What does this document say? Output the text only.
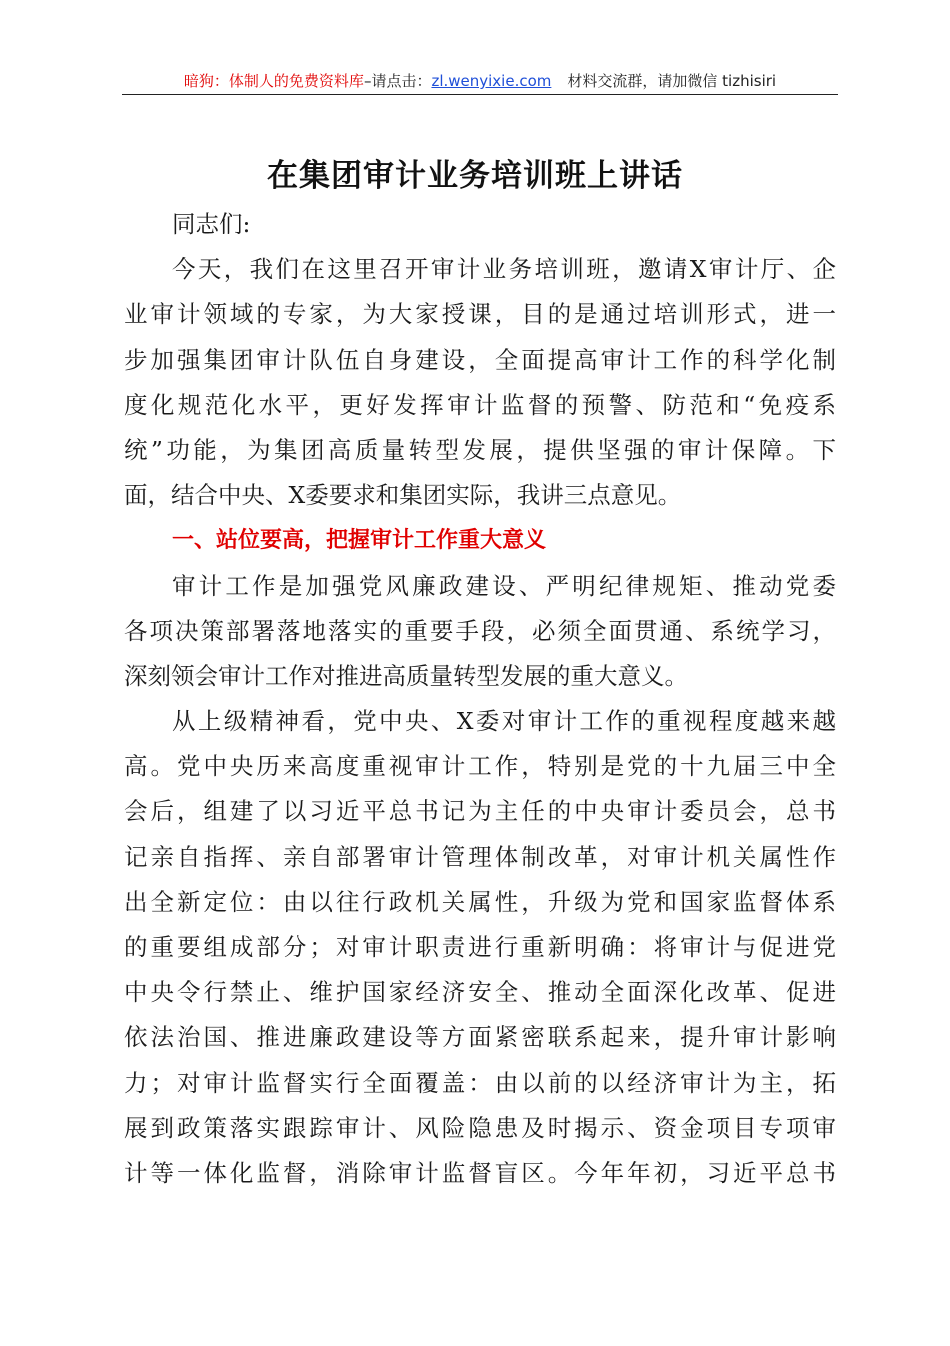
暗狗：体制人的免费资料库–请点击：zl.wenyixie.com 材料交流群，请加微信 tizhisiri
在集团审计业务培训班上讲话
同志们:
今天，我们在这里召开审计业务培训班，邀请X审计厅、企
业审计领域的专家，为大家授课，目的是通过培训形式，进一
步加强集团审计队伍自身建设，全面提高审计工作的科学化制
度化规范化水平，更好发挥审计监督的预警、防范和“免疫系
统”功能，为集团高质量转型发展，提供坚强的审计保障。下
面，结合中央、X委要求和集团实际，我讲三点意见。
一、站位要高，把握审计工作重大意义
审计工作是加强党风廉政建设、严明纪律规矩、推动党委
各项决策部署落地落实的重要手段，必须全面贯通、系统学习，
深刻领会审计工作对推进高质量转型发展的重大意义。
从上级精神看，党中央、X委对审计工作的重视程度越来越
高。党中央历来高度重视审计工作，特别是党的十九届三中全
会后，组建了以习近平总书记为主任的中央审计委员会，总书
记亲自指挥、亲自部署审计管理体制改革，对审计机关属性作
出全新定位：由以往行政机关属性，升级为党和国家监督体系
的重要组成部分；对审计职责进行重新明确：将审计与促进党
中央令行禁止、维护国家经济安全、推动全面深化改革、促进
依法治国、推进廉政建设等方面紧密联系起来，提升审计影响
力；对审计监督实行全面覆盖：由以前的以经济审计为主，拓
展到政策落实跟踪审计、风险隐患及时揭示、资金项目专项审
计等一体化监督，消除审计监督盲区。今年年初，习近平总书
